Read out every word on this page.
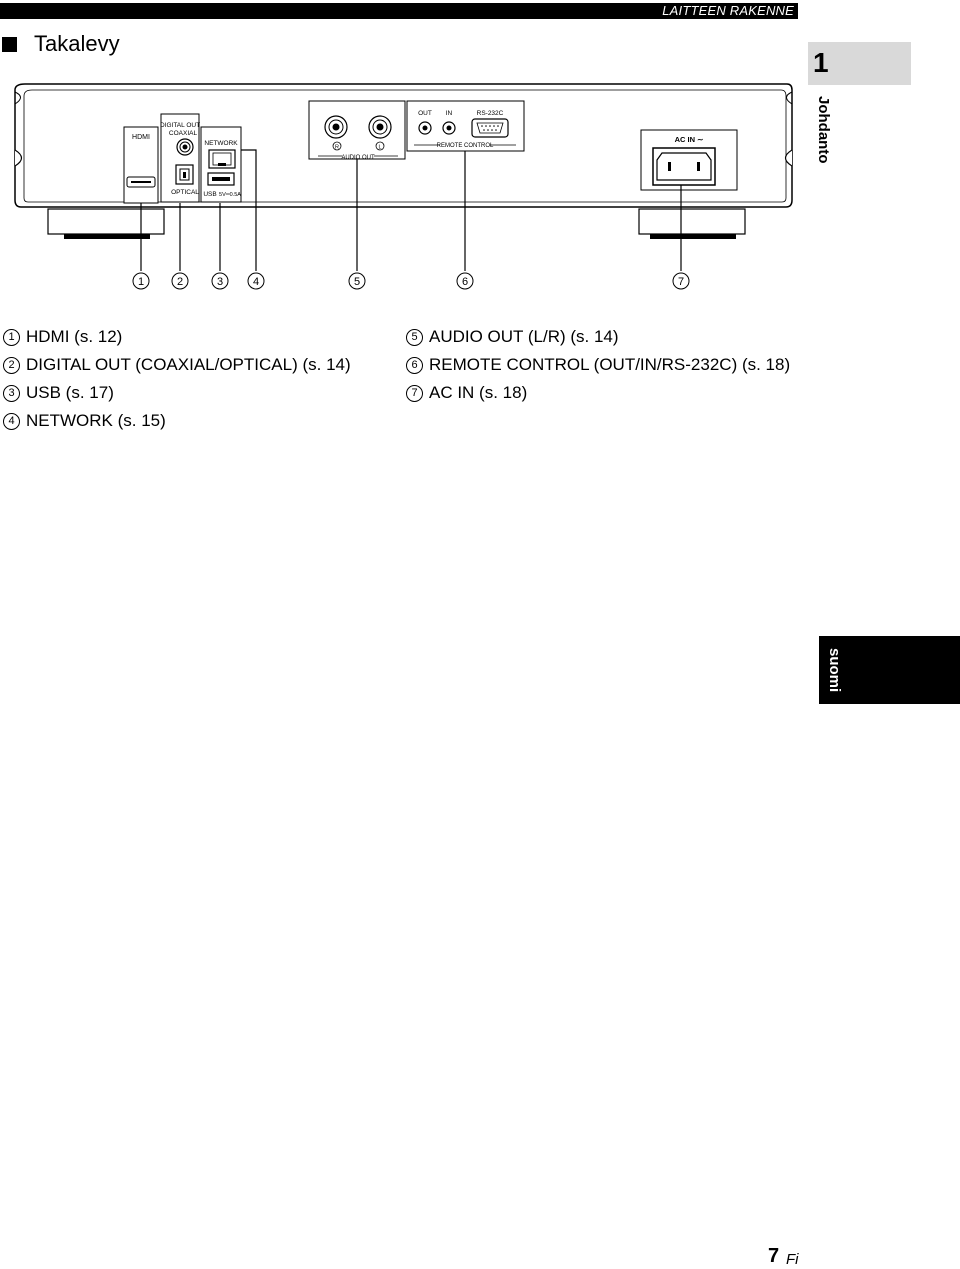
LAITTEEN RAKENNE
Takalevy
1
Johdanto
HDMI
DIGITAL OUT
COAXIAL
OPTICAL
NETWORK
USB 5V═0.5A
R	L
AUDIO OUT
OUT IN	RS-232C
REMOTE CONTROL
AC IN ∼
1	2	3	4	5	6	7
1 HDMI (s. 12)
2 DIGITAL OUT (COAXIAL/OPTICAL) (s. 14)
3 USB (s. 17)
4 NETWORK (s. 15)
5 AUDIO OUT (L/R) (s. 14)
6 REMOTE CONTROL (OUT/IN/RS-232C) (s. 18)
7 AC IN (s. 18)
suomi
7 Fi
